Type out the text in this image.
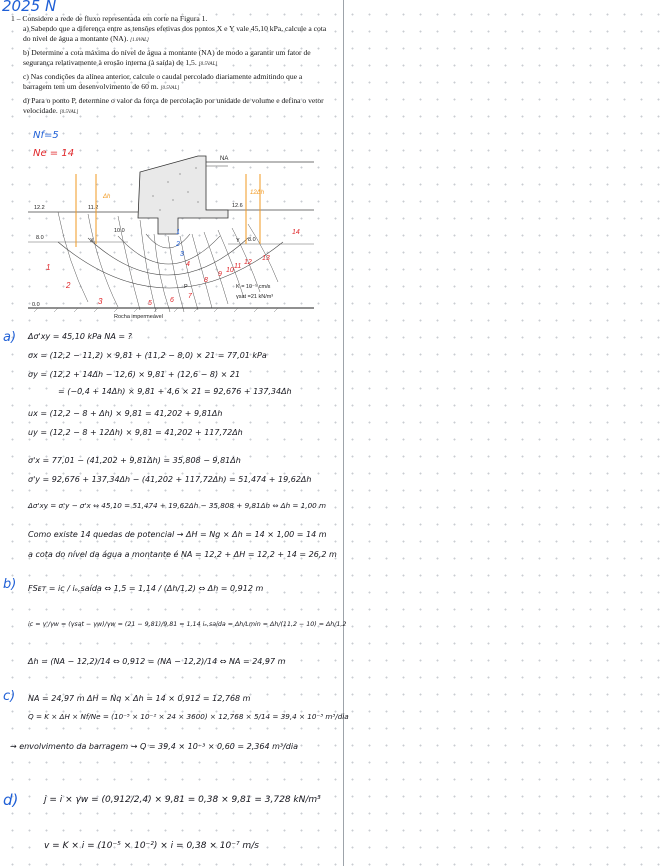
2025 N
1 – Considere a rede de fluxo representada em corte na Figura 1.
a) Sabendo que a diferença entre as tensões efetivas dos pontos X e Y vale 45,10 kPa, calcule a cota do nível de água a montante (NA). [1.0VAL]
b) Determine a cota máxima do nível de água a montante (NA) de modo a garantir um fator de segurança relativamente à erosão interna (à saída) de 1,5. [0.5VAL]
c) Nas condições da alínea anterior, calcule o caudal percolado diariamente admitindo que a barragem tem um desenvolvimento de 60 m. [0.5VAL]
d) Para o ponto P, determine o valor da força de percolação por unidade de volume e defina o vetor velocidade. [0.5VAL]
Nf=5
Ne = 14	NA
12.2	11.2
10.0
8.0
12.6
8.0
0.0
X	Y
P	K = 10⁻⁵ cm/s
γsat =21 kN/m³
Rocha impermeável
Δh
12Δh
1
2
3
4
5	6
7
8
9
10
11
12
13
14
1
2
3
a) Δσ'xy = 45,10 kPa NA = ?
σx = (12,2 − 11,2) × 9,81 + (11,2 − 8,0) × 21 = 77,01 kPa
σy = (12,2 + 14Δh − 12,6) × 9,81 + (12,6 − 8) × 21
= (−0,4 + 14Δh) × 9,81 + 4,6 × 21 = 92,676 + 137,34Δh
ux = (12,2 − 8 + Δh) × 9,81 = 41,202 + 9,81Δh
uy = (12,2 − 8 + 12Δh) × 9,81 = 41,202 + 117,72Δh
σ'x = 77,01 − (41,202 + 9,81Δh) = 35,808 − 9,81Δh
σ'y = 92,676 + 137,34Δh − (41,202 + 117,72Δh) = 51,474 + 19,62Δh
Δσ'xy = σ'y − σ'x ⇔ 45,10 = 51,474 + 19,62Δh − 35,808 + 9,81Δh ⇔ Δh = 1,00 m
Como existe 14 quedas de potencial → ΔH = Ng × Δh = 14 × 1,00 = 14 m
a cota do nível da água a montante é NA = 12,2 + ΔH = 12,2 + 14 = 26,2 m
b) FSᴇᴛ = ic / iₑ,saída ⇔ 1,5 = 1,14 / (Δh/1,2) ⇔ Δh = 0,912 m
ic = γ'/γw = (γsat − γw)/γw = (21 − 9,81)/9,81 = 1,14 iₑ,saída = Δh/Lmin = Δh/(11,2 − 10) = Δh/1,2
Δh = (NA − 12,2)/14 ⇔ 0,912 = (NA − 12,2)/14 ⇔ NA = 24,97 m
c) NA = 24,97 m ΔH = Nq × Δh = 14 × 0,912 = 12,768 m
Q = K × ΔH × Nf/Ne = (10⁻⁵ × 10⁻² × 24 × 3600) × 12,768 × 5/14 = 39,4 × 10⁻³ m³/dia
→ envolvimento da barragem → Q = 39,4 × 10⁻³ × 0,60 = 2,364 m³/dia
d)	j = i × γw = (0,912/2,4) × 9,81 = 0,38 × 9,81 = 3,728 kN/m³
v = K × i = (10⁻⁵ × 10⁻²) × i = 0,38 × 10⁻⁷ m/s
